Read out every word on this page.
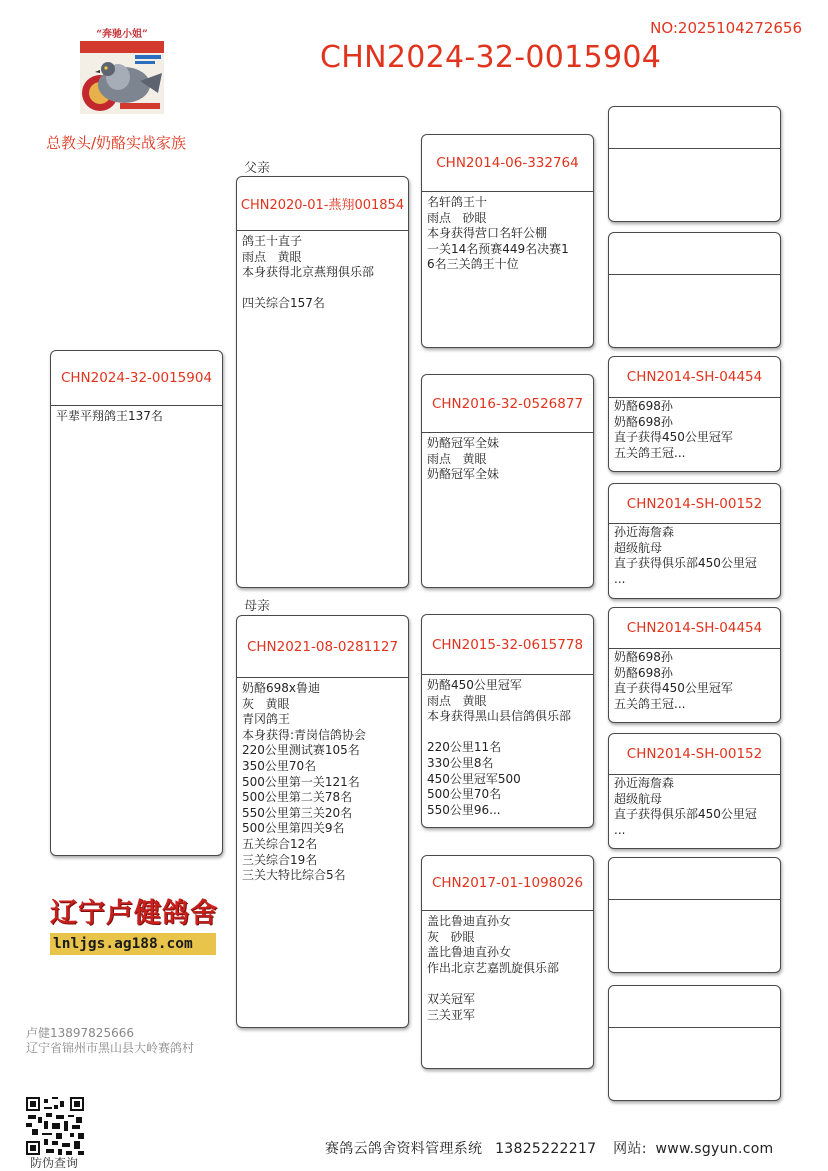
NO:2025104272656
CHN2024-32-0015904
“奔驰小姐”
总教头/奶酪实战家族
父亲
母亲
CHN2024-32-0015904
平辈平翔鸽王137名
CHN2020-01-燕翔001854
鸽王十直子
雨点   黄眼
本身获得北京燕翔俱乐部

四关综合157名
CHN2021-08-0281127
奶酪698x鲁迪
灰   黄眼
青冈鸽王
本身获得:青岗信鸽协会
220公里测试赛105名
350公里70名
500公里第一关121名
500公里第二关78名
550公里第三关20名
500公里第四关9名
五关综合12名
三关综合19名
三关大特比综合5名
CHN2014-06-332764
名轩鸽王十
雨点   砂眼
本身获得营口名轩公棚
一关14名预赛449名决赛1
6名三关鸽王十位
CHN2016-32-0526877
奶酪冠军全妹
雨点   黄眼
奶酪冠军全妹
CHN2015-32-0615778
奶酪450公里冠军
雨点   黄眼
本身获得黑山县信鸽俱乐部

220公里11名
330公里8名
450公里冠军500
500公里70名
550公里96...
CHN2017-01-1098026
盖比鲁迪直孙女
灰   砂眼
盖比鲁迪直孙女
作出北京艺嘉凯旋俱乐部

双关冠军
三关亚军
CHN2014-SH-04454
奶酪698孙
奶酪698孙
直子获得450公里冠军
五关鸽王冠...
CHN2014-SH-00152
孙近海詹森
超级航母
直子获得俱乐部450公里冠
...
CHN2014-SH-04454
奶酪698孙
奶酪698孙
直子获得450公里冠军
五关鸽王冠...
CHN2014-SH-00152
孙近海詹森
超级航母
直子获得俱乐部450公里冠
...
辽宁卢健鸽舍
lnljgs.ag188.com
卢健13897825666
辽宁省锦州市黑山县大岭赛鸽村
防伪查询
赛鸽云鸽舍资料管理系统 13825222217 网站: www.sgyun.com
